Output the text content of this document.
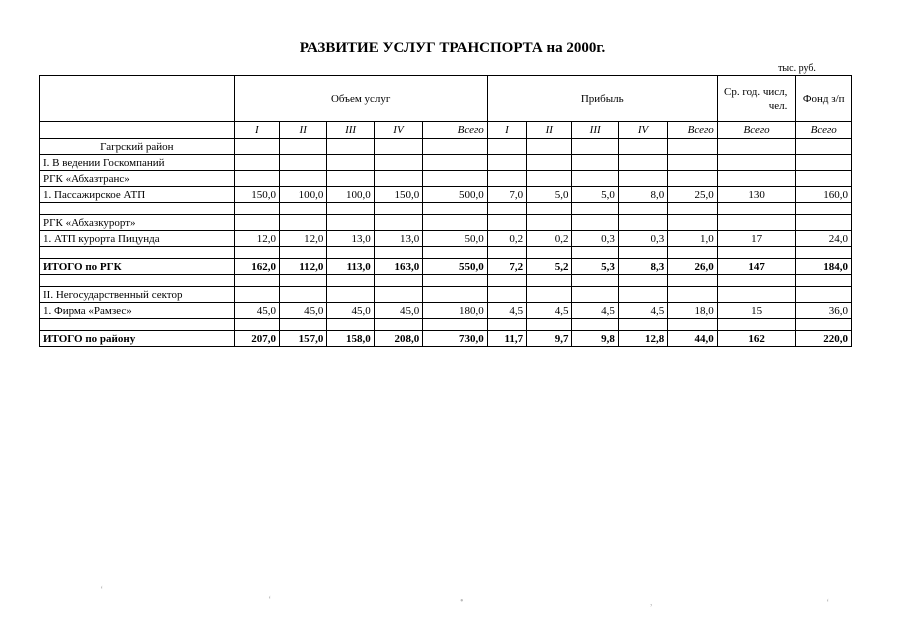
РАЗВИТИЕ УСЛУГ ТРАНСПОРТА на 2000г.
тыс. руб.
	Объем услуг					Прибыль					Ср. год. числ, чел.	Фонд з/п
	I	II	III	IV	Всего	I	II	III	IV	Всего	Всего	Всего
Гагрский район												
I. В ведении Госкомпаний												
РГК «Абхазтранс»												
1. Пассажирское АТП	150,0	100,0	100,0	150,0	500,0	7,0	5,0	5,0	8,0	25,0	130	160,0

РГК «Абхазкурорт»												
1. АТП курорта Пицунда	12,0	12,0	13,0	13,0	50,0	0,2	0,2	0,3	0,3	1,0	17	24,0

ИТОГО по РГК	162,0	112,0	113,0	163,0	550,0	7,2	5,2	5,3	8,3	26,0	147	184,0

II. Негосударственный сектор												
1. Фирма «Рамзес»	45,0	45,0	45,0	45,0	180,0	4,5	4,5	4,5	4,5	18,0	15	36,0

ИТОГО по району	207,0	157,0	158,0	208,0	730,0	11,7	9,7	9,8	12,8	44,0	162	220,0
‘
‘	•	,	‘
